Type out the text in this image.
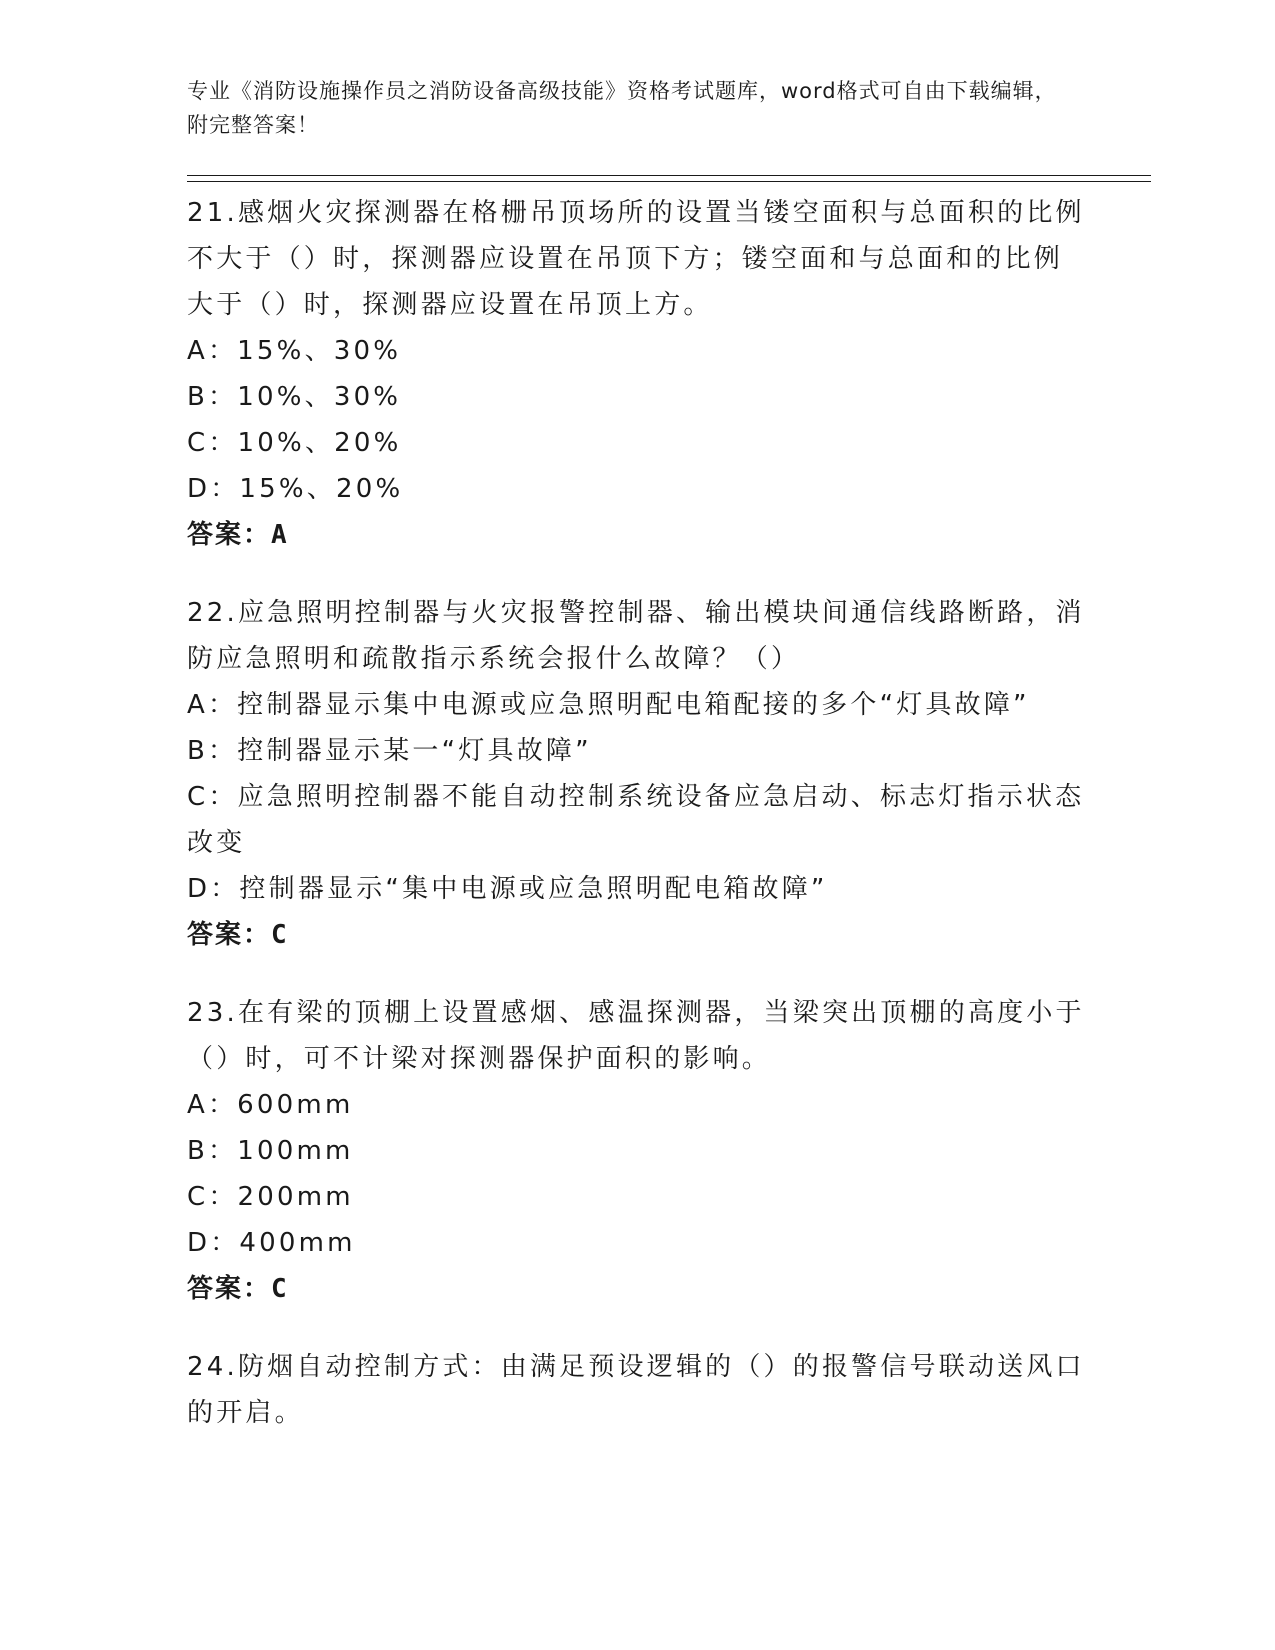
专业《消防设施操作员之消防设备高级技能》资格考试题库，word格式可自由下载编辑，附完整答案！
21.感烟火灾探测器在格栅吊顶场所的设置当镂空面积与总面积的比例不大于（）时，探测器应设置在吊顶下方；镂空面和与总面和的比例大于（）时，探测器应设置在吊顶上方。
A：15%、30%
B：10%、30%
C：10%、20%
D：15%、20%
答案：A
22.应急照明控制器与火灾报警控制器、输出模块间通信线路断路，消防应急照明和疏散指示系统会报什么故障？（）
A：控制器显示集中电源或应急照明配电箱配接的多个“灯具故障”
B：控制器显示某一“灯具故障”
C：应急照明控制器不能自动控制系统设备应急启动、标志灯指示状态改变
D：控制器显示“集中电源或应急照明配电箱故障”
答案：C
23.在有梁的顶棚上设置感烟、感温探测器，当梁突出顶棚的高度小于（）时，可不计梁对探测器保护面积的影响。
A：600mm
B：100mm
C：200mm
D：400mm
答案：C
24.防烟自动控制方式：由满足预设逻辑的（）的报警信号联动送风口的开启。
